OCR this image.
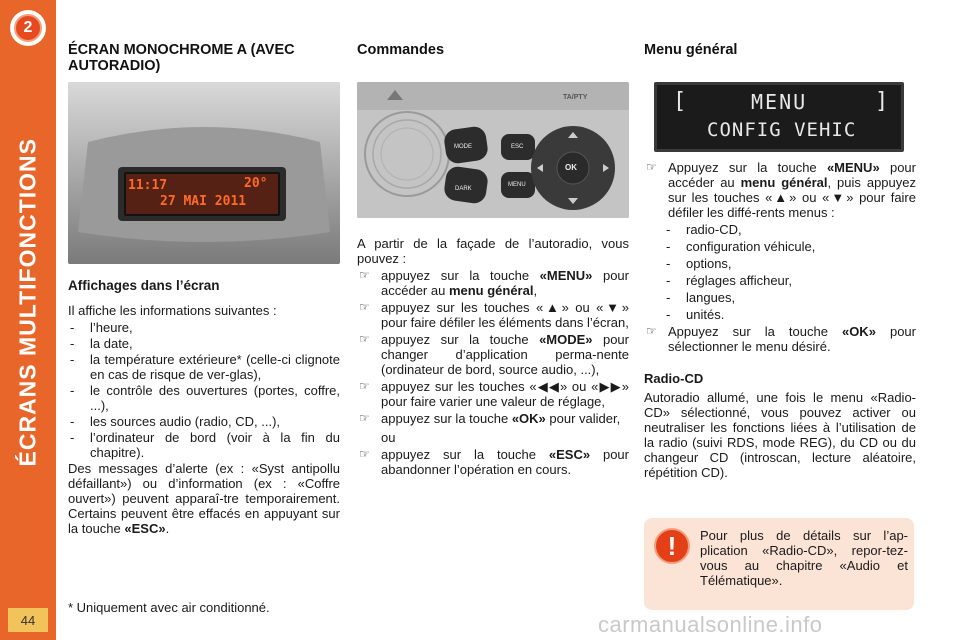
2
ÉCRANS MULTIFONCTIONS
44
ÉCRAN MONOCHROME A (AVEC AUTORADIO)
11:17	20°
27 MAI 2011
Affichages dans l’écran

Il affiche les informations suivantes :

- l’heure,
- la date,
- la température extérieure* (celle-ci clignote en cas de risque de ver-glas),
- le contrôle des ouvertures (portes, coffre, ...),
- les sources audio (radio, CD, ...),
- l’ordinateur de bord (voir à la fin du chapitre).

Des messages d’alerte (ex : «Syst antipollu défaillant») ou d’information (ex : «Coffre ouvert») peuvent apparaî-tre temporairement. Certains peuvent être effacés en appuyant sur la touche «ESC».

Commandes
TA/PTY
MODE
DARK
ESC
MENU
OK

A partir de la façade de l’autoradio, vous pouvez :

☞ appuyez sur la touche «MENU» pour accéder au menu général,
☞ appuyez sur les touches «▲» ou «▼» pour faire défiler les éléments dans l’écran,
☞ appuyez sur la touche «MODE» pour changer d’application perma-nente (ordinateur de bord, source audio, ...),
☞ appuyez sur les touches «◀◀» ou «▶▶» pour faire varier une valeur de réglage,
☞ appuyez sur la touche «OK» pour valider,

ou

☞ appuyez sur la touche «ESC» pour abandonner l’opération en cours.
Menu général
[	MENU	]
CONFIG VEHIC
☞ Appuyez sur la touche «MENU» pour accéder au menu général, puis appuyez sur les touches «▲» ou «▼» pour faire défiler les diffé-rents menus :
- radio-CD,
- configuration véhicule,
- options,
- réglages afficheur,
- langues,
- unités.
☞ Appuyez sur la touche «OK» pour sélectionner le menu désiré.
Radio-CD

Autoradio allumé, une fois le menu «Radio-CD» sélectionné, vous pouvez activer ou neutraliser les fonctions liées à l’utilisation de la radio (suivi RDS, mode REG), du CD ou du changeur CD (introscan, lecture aléatoire, répétition CD).

!	Pour plus de détails sur l’ap-plication «Radio-CD», repor-tez-vous au chapitre «Audio et Télématique».
* Uniquement avec air conditionné.
carmanualsonline.info
